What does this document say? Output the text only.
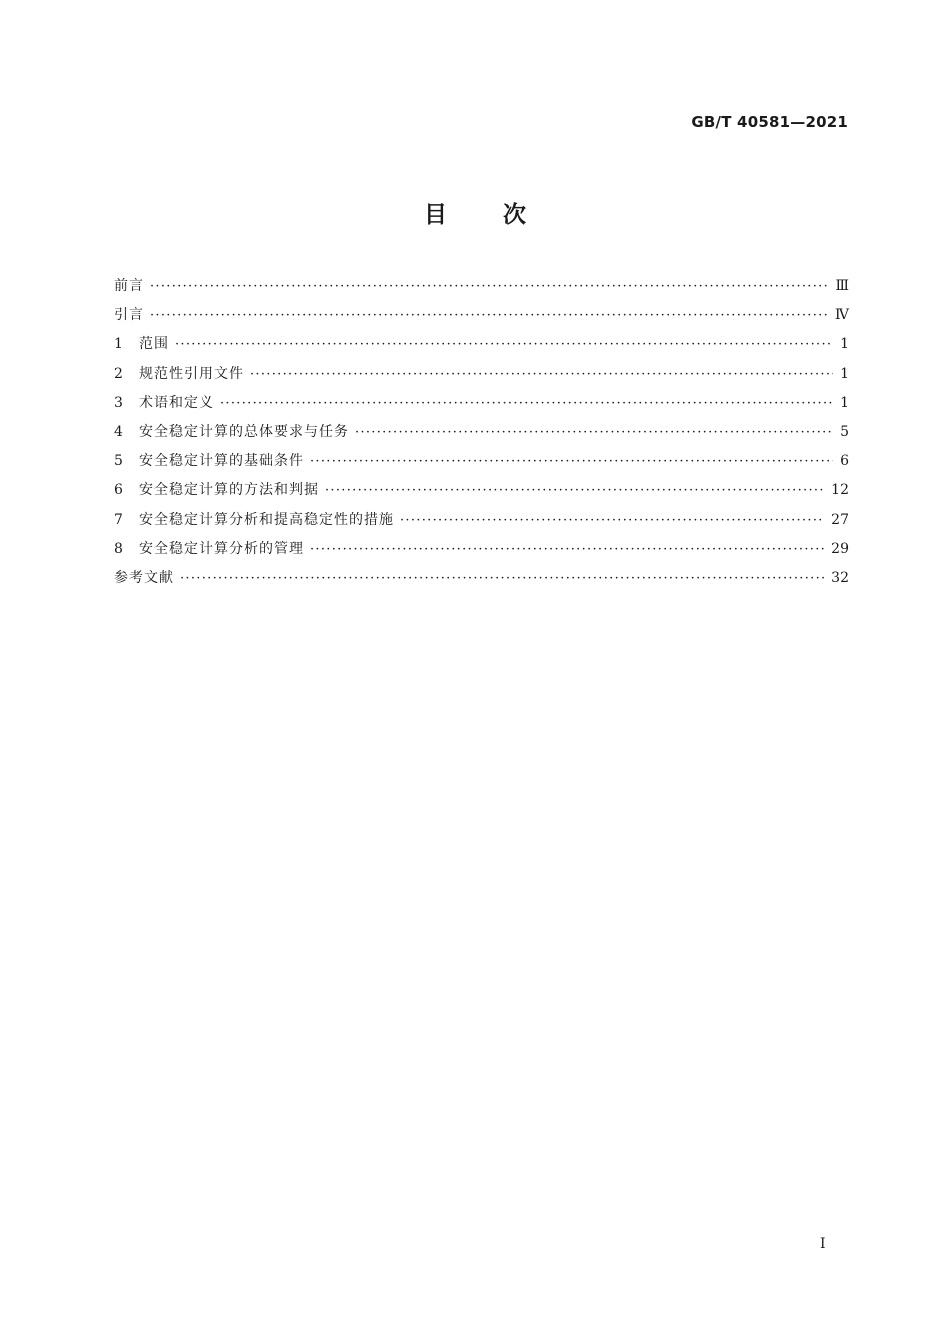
GB/T 40581—2021
目 次
前言 ·····	Ⅲ
引言 ·····	Ⅳ
1	范围 ·····	1
2	规范性引用文件 ·····	1
3	术语和定义 ·····	1
4	安全稳定计算的总体要求与任务 ·····	5
5	安全稳定计算的基础条件 ·····	6
6	安全稳定计算的方法和判据 ·····	12
7	安全稳定计算分析和提高稳定性的措施 ·····	27
8	安全稳定计算分析的管理 ·····	29
参考文献 ·····	32
Ⅰ
